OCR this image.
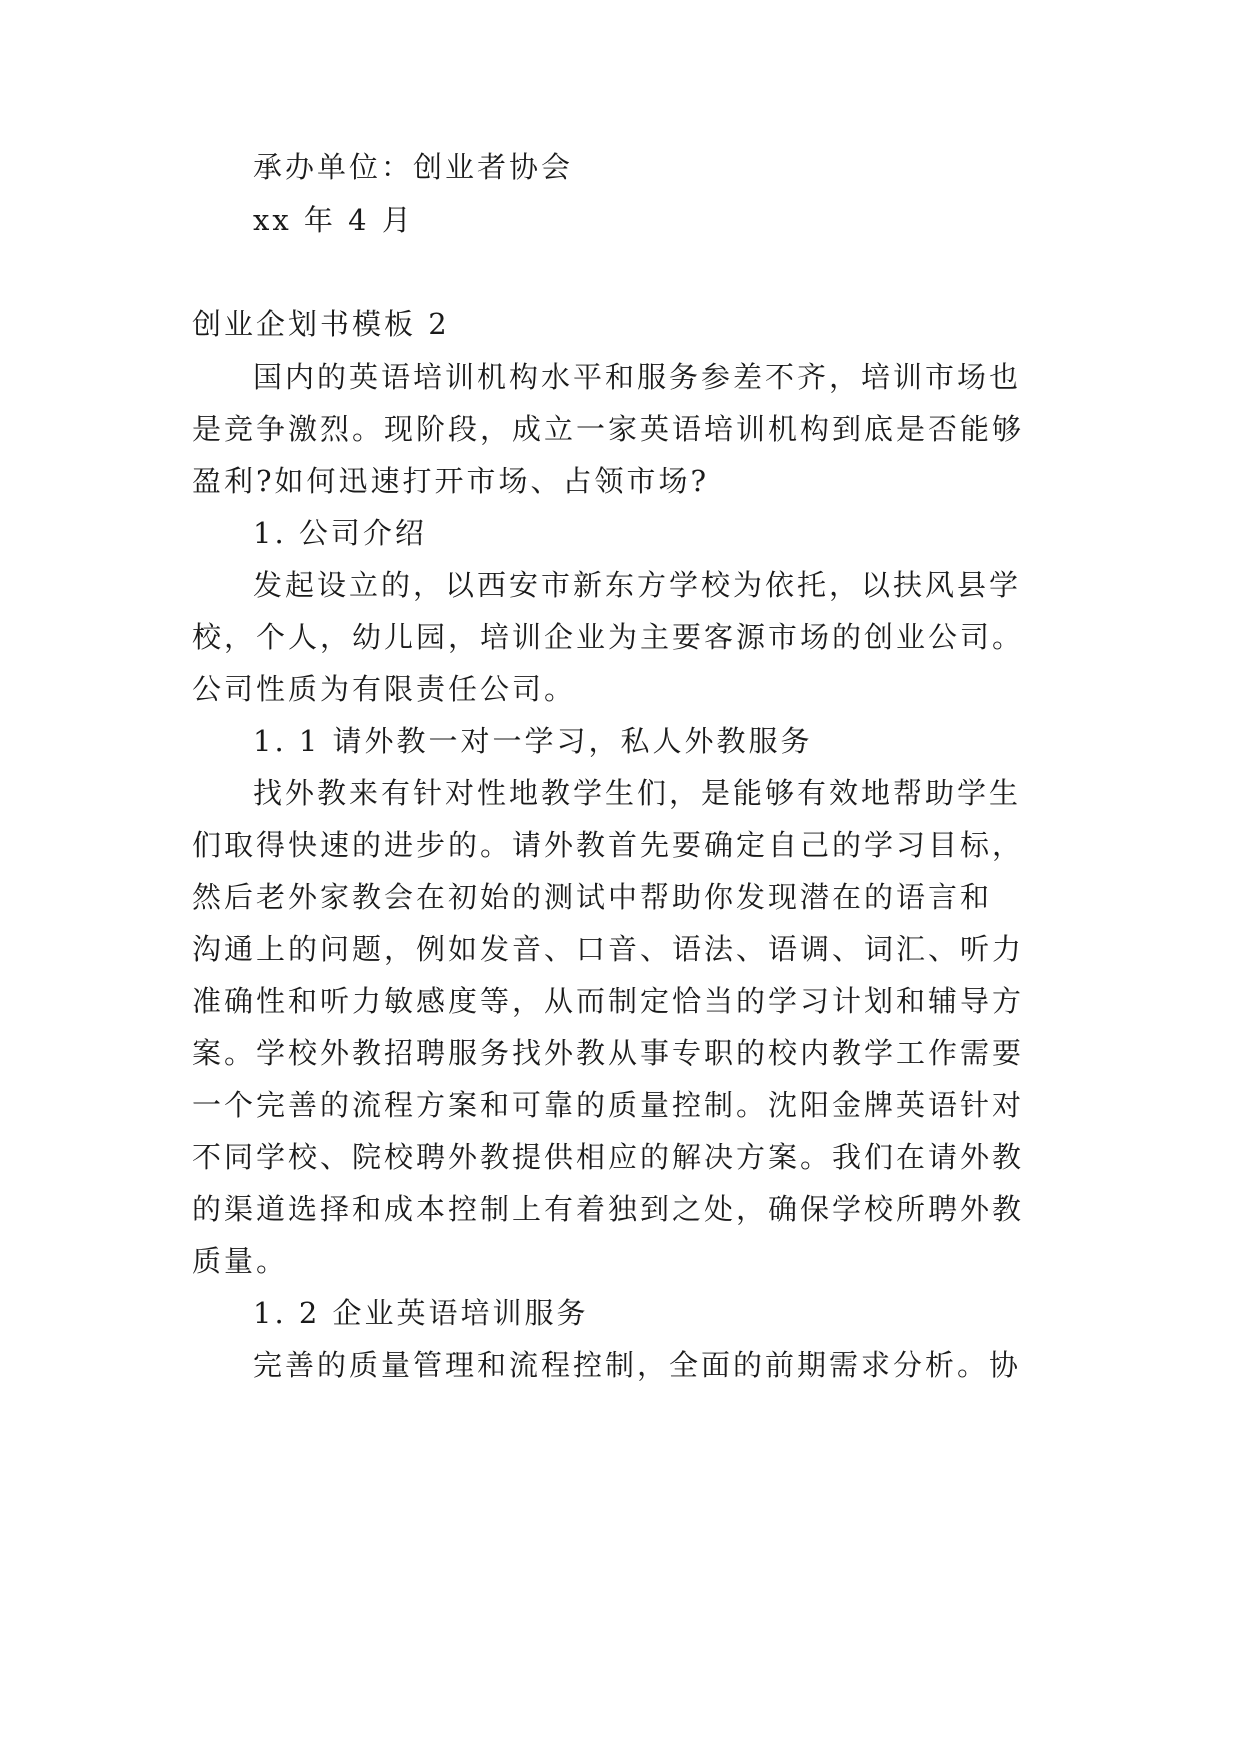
承办单位：创业者协会

xx 年 4 月

创业企划书模板 2

国内的英语培训机构水平和服务参差不齐，培训市场也

是竞争激烈。现阶段，成立一家英语培训机构到底是否能够

盈利?如何迅速打开市场、占领市场?

1. 公司介绍

发起设立的，以西安市新东方学校为依托，以扶风县学

校，个人，幼儿园，培训企业为主要客源市场的创业公司。

公司性质为有限责任公司。

1. 1 请外教一对一学习，私人外教服务

找外教来有针对性地教学生们，是能够有效地帮助学生

们取得快速的进步的。请外教首先要确定自己的学习目标，

然后老外家教会在初始的测试中帮助你发现潜在的语言和

沟通上的问题，例如发音、口音、语法、语调、词汇、听力

准确性和听力敏感度等，从而制定恰当的学习计划和辅导方

案。学校外教招聘服务找外教从事专职的校内教学工作需要

一个完善的流程方案和可靠的质量控制。沈阳金牌英语针对

不同学校、院校聘外教提供相应的解决方案。我们在请外教

的渠道选择和成本控制上有着独到之处，确保学校所聘外教

质量。

1. 2 企业英语培训服务

完善的质量管理和流程控制，全面的前期需求分析。协
